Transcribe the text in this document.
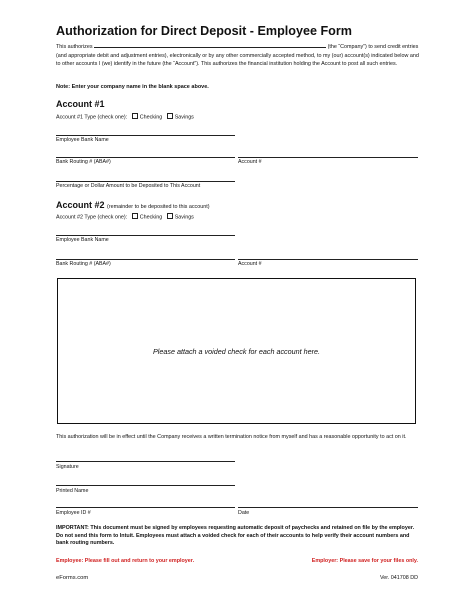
Authorization for Direct Deposit - Employee Form
This authorizes	(the “Company”) to send credit entries (and appropriate debit and adjustment entries), electronically or by any other commercially accepted method, to my (our) account(s) indicated below and to other accounts I (we) identify in the future (the “Account”). This authorizes the financial institution holding the Account to post all such entries.
Note: Enter your company name in the blank space above.
Account #1
Account #1 Type (check one): Checking Savings
Employee Bank Name
Bank Routing # (ABA#)	Account #
Percentage or Dollar Amount to be Deposited to This Account
Account #2 (remainder to be deposited to this account)
Account #2 Type (check one): Checking Savings
Employee Bank Name
Bank Routing # (ABA#)	Account #
Please attach a voided check for each account here.
This authorization will be in effect until the Company receives a written termination notice from myself and has a reasonable opportunity to act on it.
Signature
Printed Name
Employee ID #	Date
IMPORTANT: This document must be signed by employees requesting automatic deposit of paychecks and retained on file by the employer. Do not send this form to Intuit. Employees must attach a voided check for each of their accounts to help verify their account numbers and bank routing numbers.
Employee: Please fill out and return to your employer.	Employer: Please save for your files only.
eForms.com	Ver. 041708 DD
